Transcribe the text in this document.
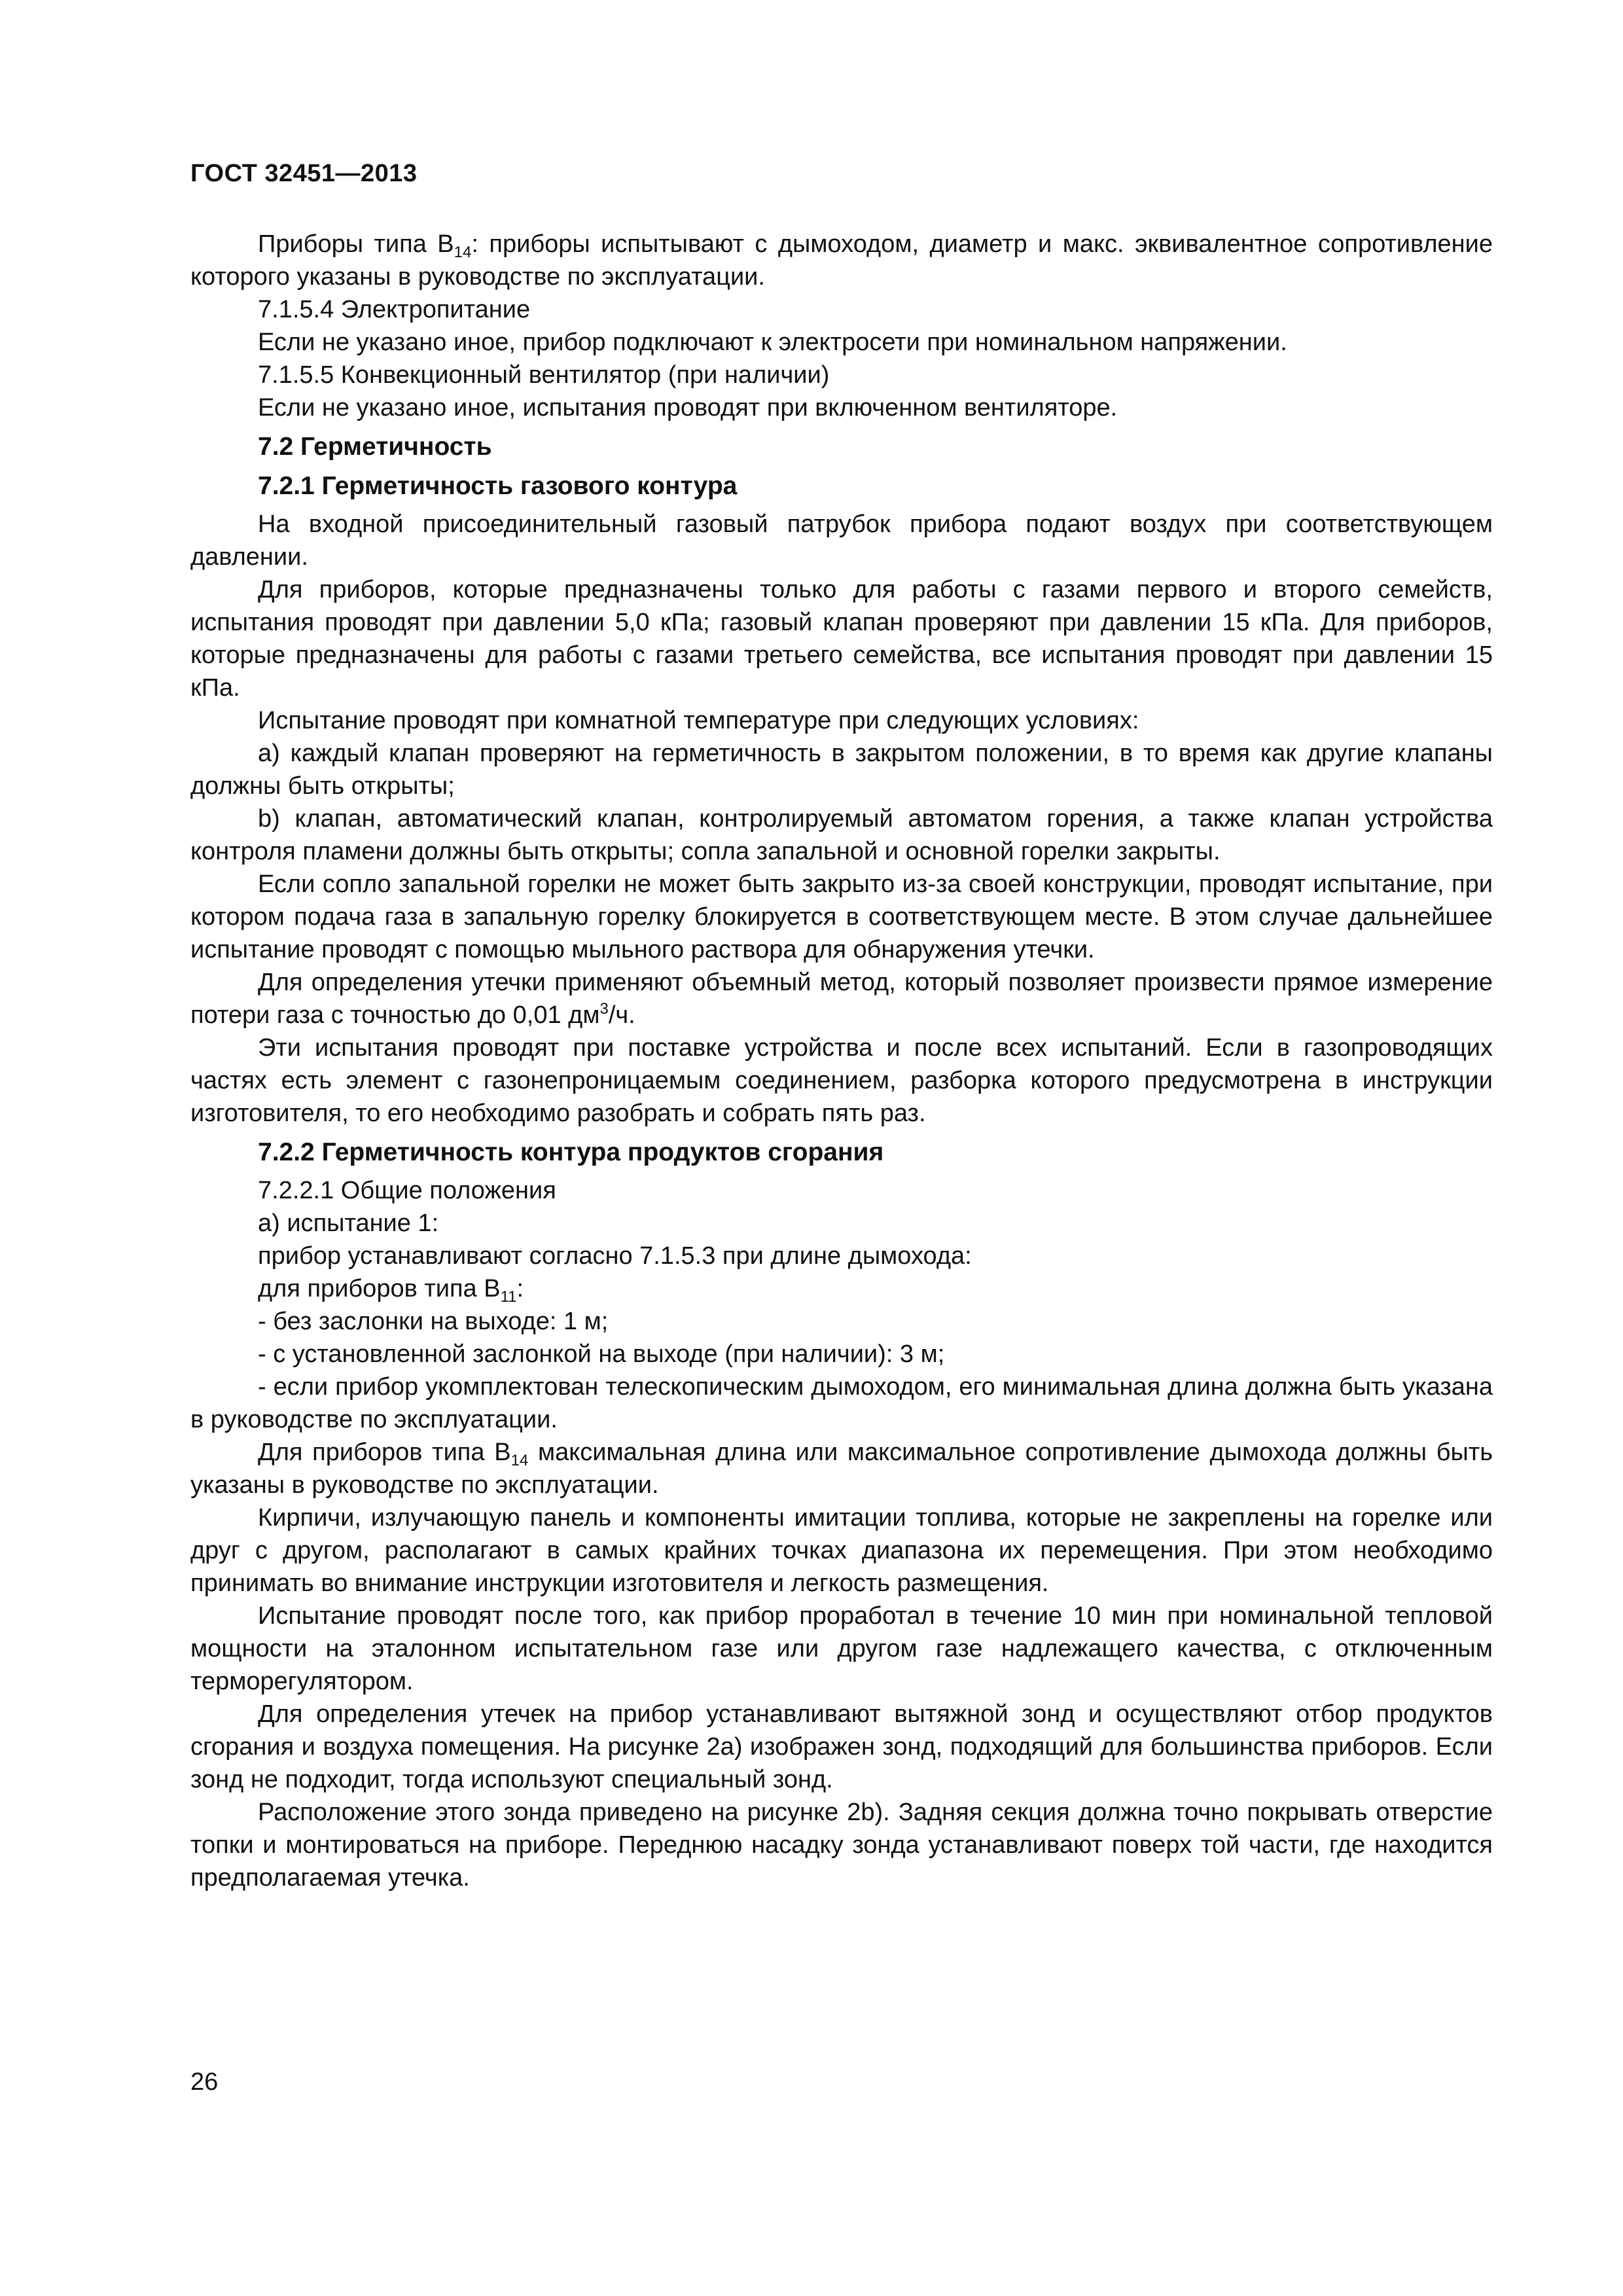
ГОСТ 32451—2013

Приборы типа $B_{14}$: приборы испытывают с дымоходом, диаметр и макс. эквивалентное сопротивление которого указаны в руководстве по эксплуатации.

7.1.5.4 Электропитание

Если не указано иное, прибор подключают к электросети при номинальном напряжении.

7.1.5.5 Конвекционный вентилятор (при наличии)

Если не указано иное, испытания проводят при включенном вентиляторе.

7.2 Герметичность

7.2.1 Герметичность газового контура

На входной присоединительный газовый патрубок прибора подают воздух при соответствующем давлении.

Для приборов, которые предназначены только для работы с газами первого и второго семейств, испытания проводят при давлении 5,0 кПа; газовый клапан проверяют при давлении 15 кПа. Для приборов, которые предназначены для работы с газами третьего семейства, все испытания проводят при давлении 15 кПа.

Испытание проводят при комнатной температуре при следующих условиях:

а) каждый клапан проверяют на герметичность в закрытом положении, в то время как другие клапаны должны быть открыты;

b) клапан, автоматический клапан, контролируемый автоматом горения, а также клапан устройства контроля пламени должны быть открыты; сопла запальной и основной горелки закрыты.

Если сопло запальной горелки не может быть закрыто из-за своей конструкции, проводят испытание, при котором подача газа в запальную горелку блокируется в соответствующем месте. В этом случае дальнейшее испытание проводят с помощью мыльного раствора для обнаружения утечки.

Для определения утечки применяют объемный метод, который позволяет произвести прямое измерение потери газа с точностью до 0,01 $дм^3/ч$.

Эти испытания проводят при поставке устройства и после всех испытаний. Если в газопроводящих частях есть элемент с газонепроницаемым соединением, разборка которого предусмотрена в инструкции изготовителя, то его необходимо разобрать и собрать пять раз.

7.2.2 Герметичность контура продуктов сгорания

7.2.2.1 Общие положения

а) испытание 1:

прибор устанавливают согласно 7.1.5.3 при длине дымохода:

для приборов типа $B_{11}$:

- без заслонки на выходе: 1 м;

- с установленной заслонкой на выходе (при наличии): 3 м;

- если прибор укомплектован телескопическим дымоходом, его минимальная длина должна быть указана в руководстве по эксплуатации.

Для приборов типа $B_{14}$ максимальная длина или максимальное сопротивление дымохода должны быть указаны в руководстве по эксплуатации.

Кирпичи, излучающую панель и компоненты имитации топлива, которые не закреплены на горелке или друг с другом, располагают в самых крайних точках диапазона их перемещения. При этом необходимо принимать во внимание инструкции изготовителя и легкость размещения.

Испытание проводят после того, как прибор проработал в течение 10 мин при номинальной тепловой мощности на эталонном испытательном газе или другом газе надлежащего качества, с отключенным терморегулятором.

Для определения утечек на прибор устанавливают вытяжной зонд и осуществляют отбор продуктов сгорания и воздуха помещения. На рисунке 2а) изображен зонд, подходящий для большинства приборов. Если зонд не подходит, тогда используют специальный зонд.

Расположение этого зонда приведено на рисунке 2b). Задняя секция должна точно покрывать отверстие топки и монтироваться на приборе. Переднюю насадку зонда устанавливают поверх той части, где находится предполагаемая утечка.

26
